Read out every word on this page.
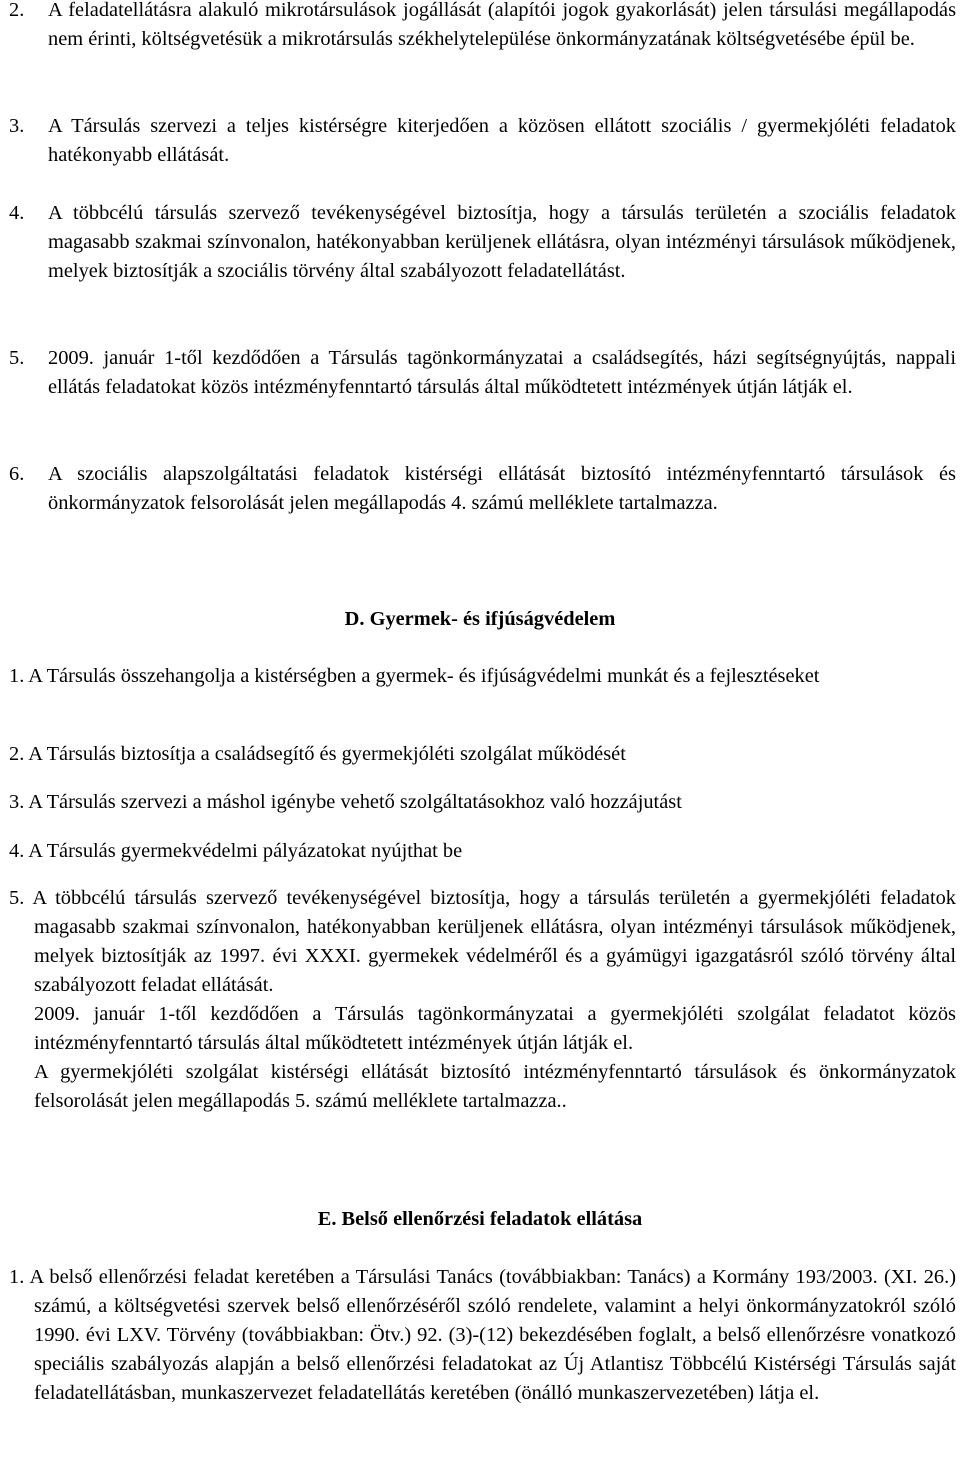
2. A feladatellátásra alakuló mikrotársulások jogállását (alapítói jogok gyakorlását) jelen társulási megállapodás nem érinti, költségvetésük a mikrotársulás székhelytelepülése önkormányzatának költségvetésébe épül be.

3. A Társulás szervezi a teljes kistérségre kiterjedően a közösen ellátott szociális / gyermekjóléti feladatok hatékonyabb ellátását.

4. A többcélú társulás szervező tevékenységével biztosítja, hogy a társulás területén a szociális feladatok magasabb szakmai színvonalon, hatékonyabban kerüljenek ellátásra, olyan intézményi társulások működjenek, melyek biztosítják a szociális törvény által szabályozott feladatellátást.

5. 2009. január 1-től kezdődően a Társulás tagönkormányzatai a családsegítés, házi segítségnyújtás, nappali ellátás feladatokat közös intézményfenntartó társulás által működtetett intézmények útján látják el.

6. A szociális alapszolgáltatási feladatok kistérségi ellátását biztosító intézményfenntartó társulások és önkormányzatok felsorolását jelen megállapodás 4. számú melléklete tartalmazza.

D. Gyermek- és ifjúságvédelem

1. A Társulás összehangolja a kistérségben a gyermek- és ifjúságvédelmi munkát és a fejlesztéseket

2. A Társulás biztosítja a családsegítő és gyermekjóléti szolgálat működését

3. A Társulás szervezi a máshol igénybe vehető szolgáltatásokhoz való hozzájutást

4. A Társulás gyermekvédelmi pályázatokat nyújthat be

5. A többcélú társulás szervező tevékenységével biztosítja, hogy a társulás területén a gyermekjóléti feladatok magasabb szakmai színvonalon, hatékonyabban kerüljenek ellátásra, olyan intézményi társulások működjenek, melyek biztosítják az 1997. évi XXXI. gyermekek védelméről és a gyámügyi igazgatásról szóló törvény által szabályozott feladat ellátását.

2009. január 1-től kezdődően a Társulás tagönkormányzatai a gyermekjóléti szolgálat feladatot közös intézményfenntartó társulás által működtetett intézmények útján látják el.

A gyermekjóléti szolgálat kistérségi ellátását biztosító intézményfenntartó társulások és önkormányzatok felsorolását jelen megállapodás 5. számú melléklete tartalmazza..

E. Belső ellenőrzési feladatok ellátása

1. A belső ellenőrzési feladat keretében a Társulási Tanács (továbbiakban: Tanács) a Kormány 193/2003. (XI. 26.) számú, a költségvetési szervek belső ellenőrzéséről szóló rendelete, valamint a helyi önkormányzatokról szóló 1990. évi LXV. Törvény (továbbiakban: Ötv.) 92. (3)-(12) bekezdésében foglalt, a belső ellenőrzésre vonatkozó speciális szabályozás alapján a belső ellenőrzési feladatokat az Új Atlantisz Többcélú Kistérségi Társulás saját feladatellátásban, munkaszervezet feladatellátás keretében (önálló munkaszervezetében) látja el.
